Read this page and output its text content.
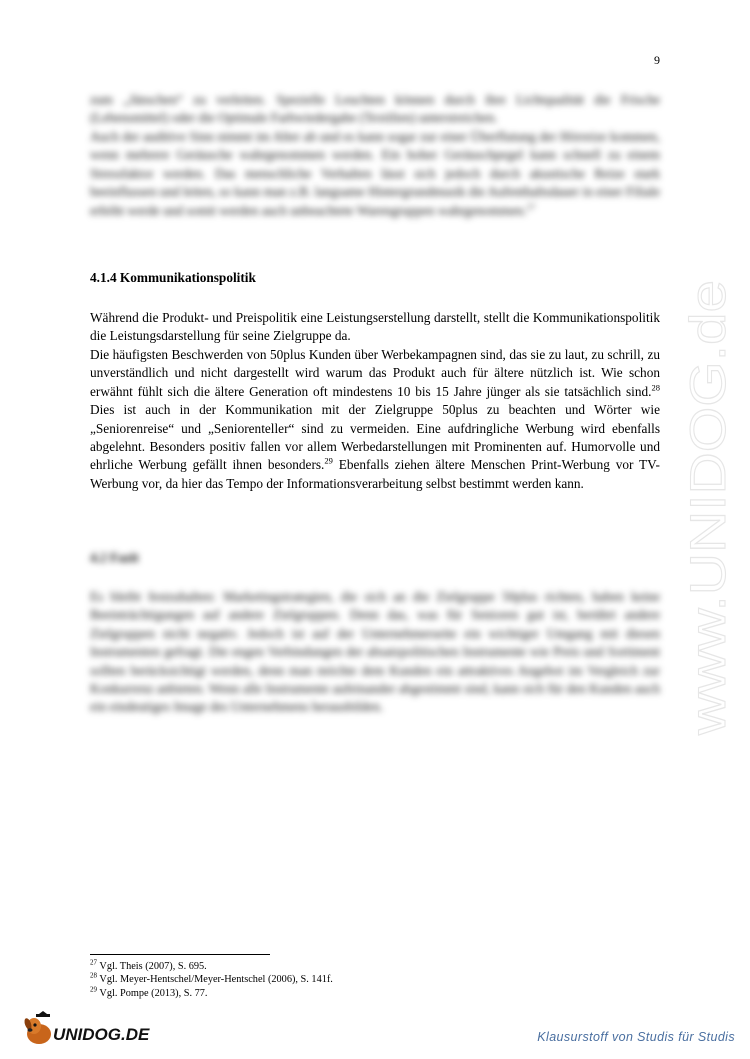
9

zum „Jänschen“ zu verleiten. Spezielle Leuchten können durch ihre Lichtqualität die Frische (Lebensmittel) oder die Optimale Farbwiedergabe (Textilien) unterstreichen.

Auch der auditive Sinn nimmt im Alter ab und es kann sogar zur einer Überflutung der Hörreize kommen, wenn mehrere Geräusche wahrgenommen werden. Ein hoher Geräuschpegel kann schnell zu einem Stressfaktor werden. Das menschliche Verhalten lässt sich jedoch durch akustische Reize stark beeinflussen und leiten, so kann man z.B. langsame Hintergrundmusik die Aufenthaltsdauer in einer Filiale erhöht werde und somit werden auch unbeachtete Warengruppen wahrgenommen.$^{27}$

4.1.4 Kommunikationspolitik

Während die Produkt- und Preispolitik eine Leistungserstellung darstellt, stellt die Kommunikationspolitik die Leistungsdarstellung für seine Zielgruppe da.

Die häufigsten Beschwerden von 50plus Kunden über Werbekampagnen sind, das sie zu laut, zu schrill, zu unverständlich und nicht dargestellt wird warum das Produkt auch für ältere nützlich ist. Wie schon erwähnt fühlt sich die ältere Generation oft mindestens 10 bis 15 Jahre jünger als sie tatsächlich sind.$^{28}$ Dies ist auch in der Kommunikation mit der Zielgruppe 50plus zu beachten und Wörter wie „Seniorenreise“ und „Seniorenteller“ sind zu vermeiden. Eine aufdringliche Werbung wird ebenfalls abgelehnt. Besonders positiv fallen vor allem Werbedarstellungen mit Prominenten auf. Humorvolle und ehrliche Werbung gefällt ihnen besonders.$^{29}$ Ebenfalls ziehen ältere Menschen Print-Werbung vor TV-Werbung vor, da hier das Tempo der Informationsverarbeitung selbst bestimmt werden kann.

4.2 Fazit

Es bleibt festzuhalten: Marketingstrategien, die sich an die Zielgruppe 50plus richten, haben keine Beeinträchtigungen auf andere Zielgruppen. Denn das, was für Senioren gut ist, berührt andere Zielgruppen nicht negativ. Jedoch ist auf der Unternehmerseite ein wichtiger Umgang mit diesen Instrumenten gefragt. Die engen Verbindungen der absatzpolitischen Instrumente wie Preis und Sortiment sollten berücksichtigt werden, denn man möchte dem Kunden ein attraktives Angebot im Vergleich zur Konkurrenz anbieten. Wenn alle Instrumente aufeinander abgestimmt sind, kann sich für den Kunden auch ein eindeutiges Image des Unternehmens herausbilden.

$^{27}$ Vgl. Theis (2007), S. 695.
$^{28}$ Vgl. Meyer-Hentschel/Meyer-Hentschel (2006), S. 141f.
$^{29}$ Vgl. Pompe (2013), S. 77.
www.UNIDOG.de
UNIDOG.DE	Klausurstoff von Studis für Studis
